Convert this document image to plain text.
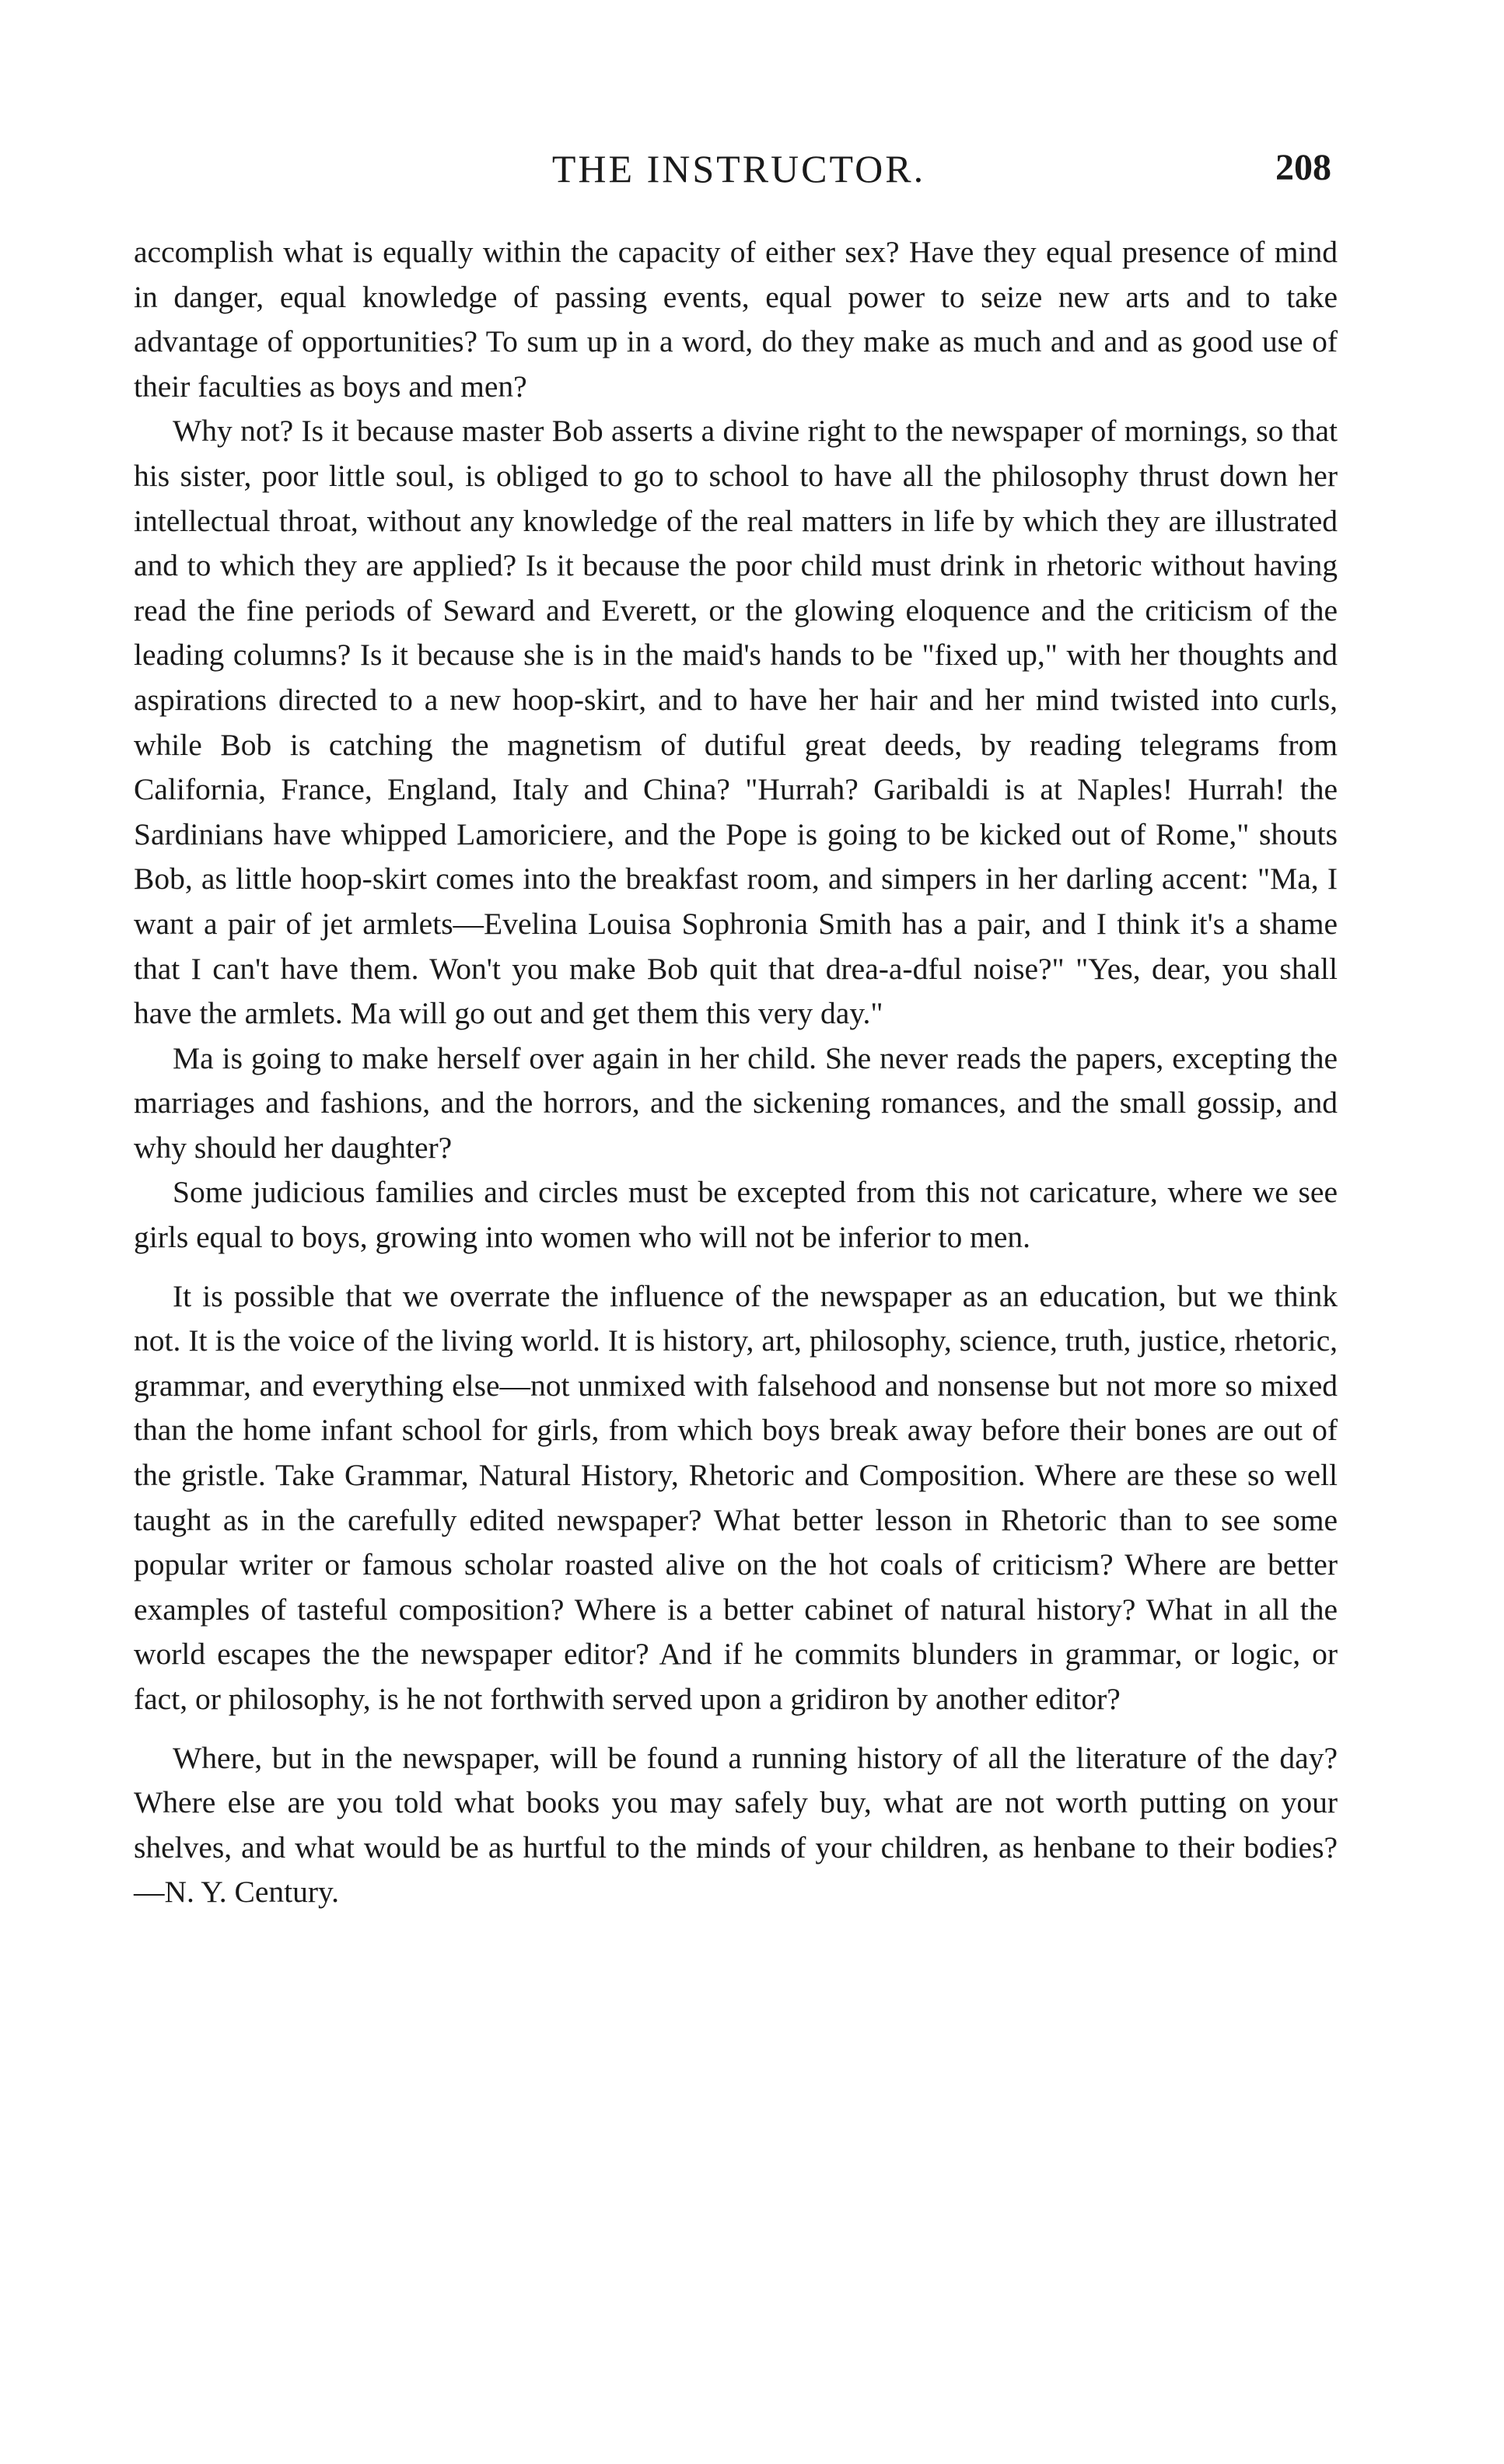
THE INSTRUCTOR.	208

accomplish what is equally within the capacity of either sex? Have they equal presence of mind in danger, equal knowledge of passing events, equal power to seize new arts and to take advantage of opportunities? To sum up in a word, do they make as much and and as good use of their faculties as boys and men?

Why not? Is it because master Bob asserts a divine right to the newspaper of mornings, so that his sister, poor little soul, is obliged to go to school to have all the philosophy thrust down her intellectual throat, without any knowledge of the real matters in life by which they are illustrated and to which they are applied? Is it because the poor child must drink in rhetoric without having read the fine periods of Seward and Everett, or the glowing eloquence and the criticism of the leading columns? Is it because she is in the maid's hands to be "fixed up," with her thoughts and aspirations directed to a new hoop-skirt, and to have her hair and her mind twisted into curls, while Bob is catching the magnetism of dutiful great deeds, by reading telegrams from California, France, England, Italy and China? "Hurrah? Garibaldi is at Naples! Hurrah! the Sardinians have whipped Lamoriciere, and the Pope is going to be kicked out of Rome," shouts Bob, as little hoop-skirt comes into the breakfast room, and simpers in her darling accent: "Ma, I want a pair of jet armlets—Evelina Louisa Sophronia Smith has a pair, and I think it's a shame that I can't have them. Won't you make Bob quit that drea-a-dful noise?" "Yes, dear, you shall have the armlets. Ma will go out and get them this very day."

Ma is going to make herself over again in her child. She never reads the papers, excepting the marriages and fashions, and the horrors, and the sickening romances, and the small gossip, and why should her daughter?

Some judicious families and circles must be excepted from this not caricature, where we see girls equal to boys, growing into women who will not be inferior to men.

It is possible that we overrate the influence of the newspaper as an education, but we think not. It is the voice of the living world. It is history, art, philosophy, science, truth, justice, rhetoric, grammar, and everything else—not unmixed with falsehood and nonsense but not more so mixed than the home infant school for girls, from which boys break away before their bones are out of the gristle. Take Grammar, Natural History, Rhetoric and Composition. Where are these so well taught as in the carefully edited newspaper? What better lesson in Rhetoric than to see some popular writer or famous scholar roasted alive on the hot coals of criticism? Where are better examples of tasteful composition? Where is a better cabinet of natural history? What in all the world escapes the the newspaper editor? And if he commits blunders in grammar, or logic, or fact, or philosophy, is he not forthwith served upon a gridiron by another editor?

Where, but in the newspaper, will be found a running history of all the literature of the day? Where else are you told what books you may safely buy, what are not worth putting on your shelves, and what would be as hurtful to the minds of your children, as henbane to their bodies?—N. Y. Century.
